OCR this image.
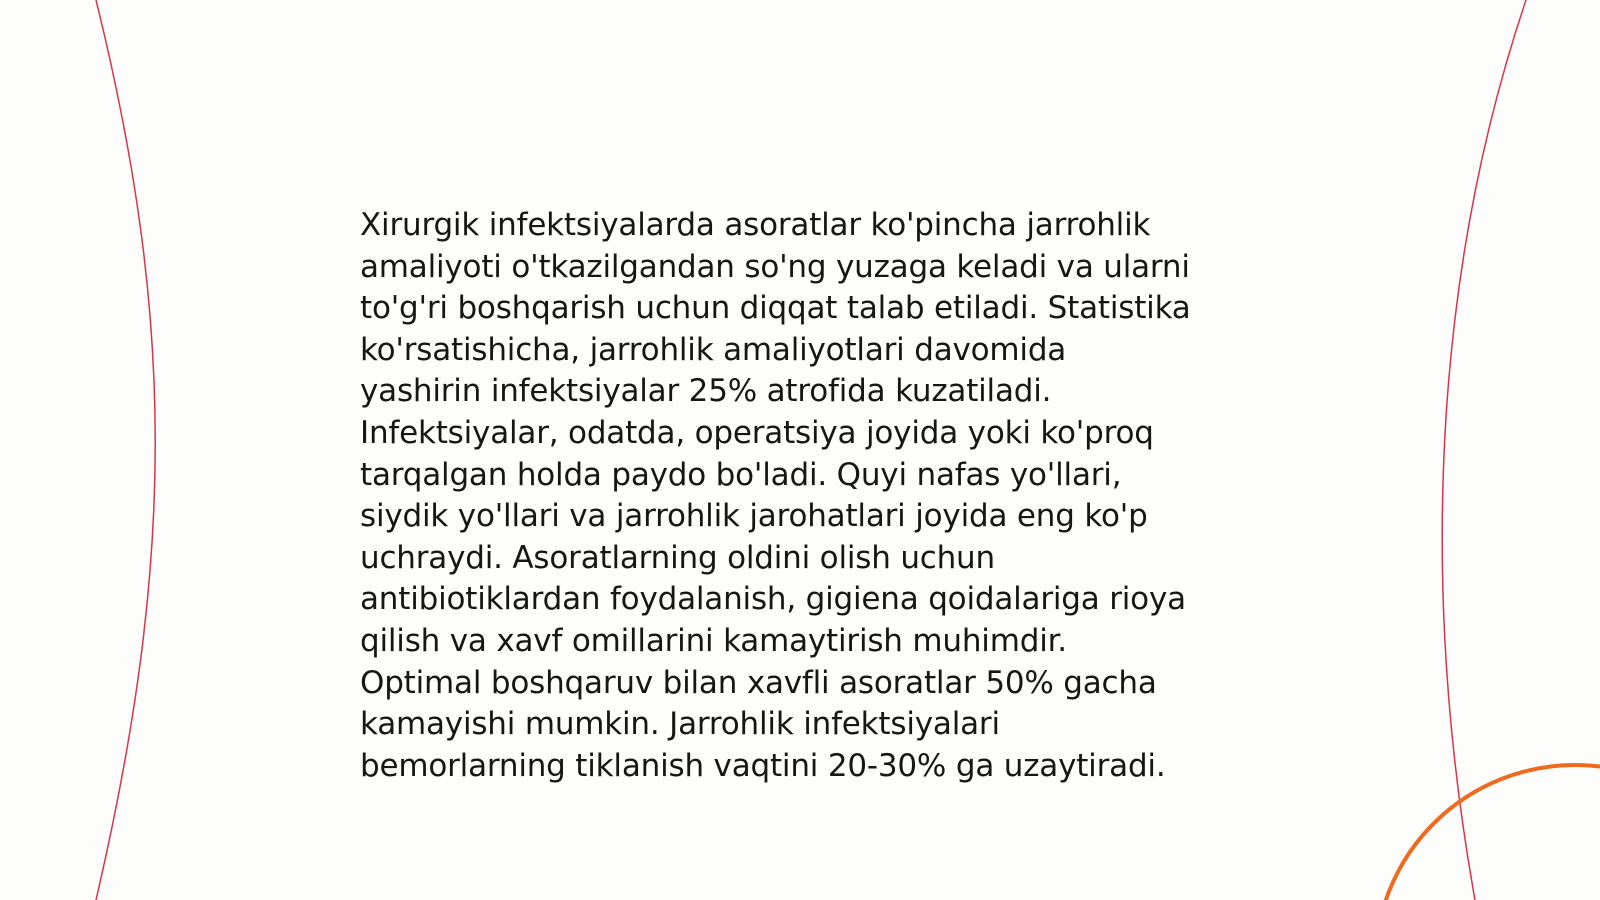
Xirurgik infektsiyalarda asoratlar ko'pincha jarrohlik
amaliyoti o'tkazilgandan so'ng yuzaga keladi va ularni
to'g'ri boshqarish uchun diqqat talab etiladi. Statistika
ko'rsatishicha, jarrohlik amaliyotlari davomida
yashirin infektsiyalar 25% atrofida kuzatiladi.
Infektsiyalar, odatda, operatsiya joyida yoki ko'proq
tarqalgan holda paydo bo'ladi. Quyi nafas yo'llari,
siydik yo'llari va jarrohlik jarohatlari joyida eng ko'p
uchraydi. Asoratlarning oldini olish uchun
antibiotiklardan foydalanish, gigiena qoidalariga rioya
qilish va xavf omillarini kamaytirish muhimdir.
Optimal boshqaruv bilan xavfli asoratlar 50% gacha
kamayishi mumkin. Jarrohlik infektsiyalari
bemorlarning tiklanish vaqtini 20-30% ga uzaytiradi.
